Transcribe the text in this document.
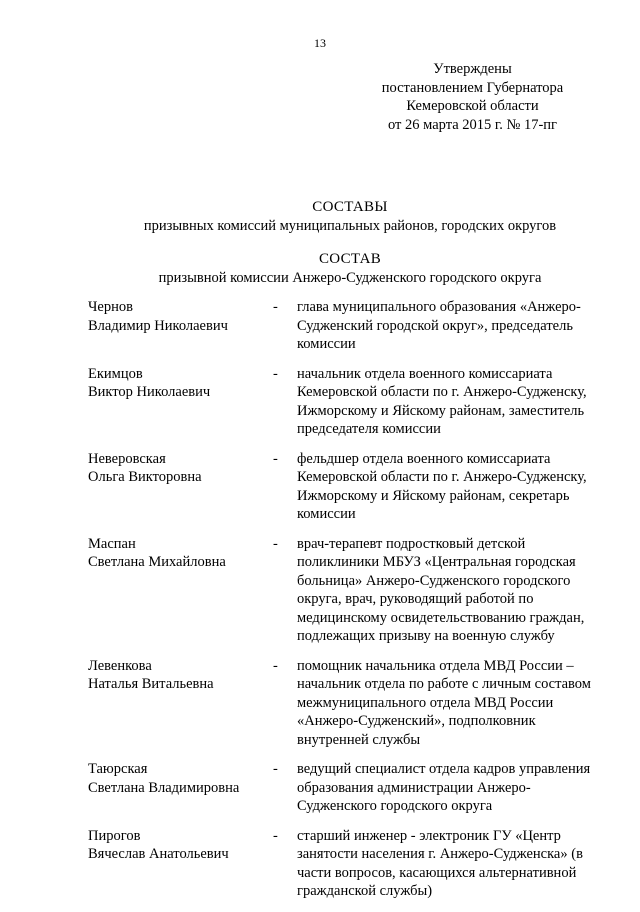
13
Утверждены
постановлением Губернатора
Кемеровской области
от 26 марта 2015 г. № 17-пг
СОСТАВЫ
призывных комиссий муниципальных районов, городских округов
СОСТАВ
призывной комиссии Анжеро-Судженского городского округа
Чернов
Владимир Николаевич
-	глава муниципального образования «Анжеро-Судженский городской округ», председатель комиссии
Екимцов
Виктор Николаевич
-	начальник отдела военного комиссариата Кемеровской области по г. Анжеро-Судженску, Ижморскому и Яйскому районам, заместитель председателя комиссии
Неверовская
Ольга Викторовна
-	фельдшер отдела военного комиссариата Кемеровской области по г. Анжеро-Судженску, Ижморскому и Яйскому районам, секретарь комиссии
Маспан
Светлана Михайловна
-	врач-терапевт подростковый детской поликлиники МБУЗ «Центральная городская больница» Анжеро-Судженского городского округа, врач, руководящий работой по медицинскому освидетельствованию граждан, подлежащих призыву на военную службу
Левенкова
Наталья Витальевна
-	помощник начальника отдела МВД России – начальник отдела по работе с личным составом межмуниципального отдела МВД России «Анжеро-Судженский», подполковник внутренней службы
Таюрская
Светлана Владимировна
-	ведущий специалист отдела кадров управления образования администрации Анжеро-Судженского городского округа
Пирогов
Вячеслав Анатольевич
-	старший инженер - электроник ГУ «Центр занятости населения г. Анжеро-Судженска» (в части вопросов, касающихся альтернативной гражданской службы)
